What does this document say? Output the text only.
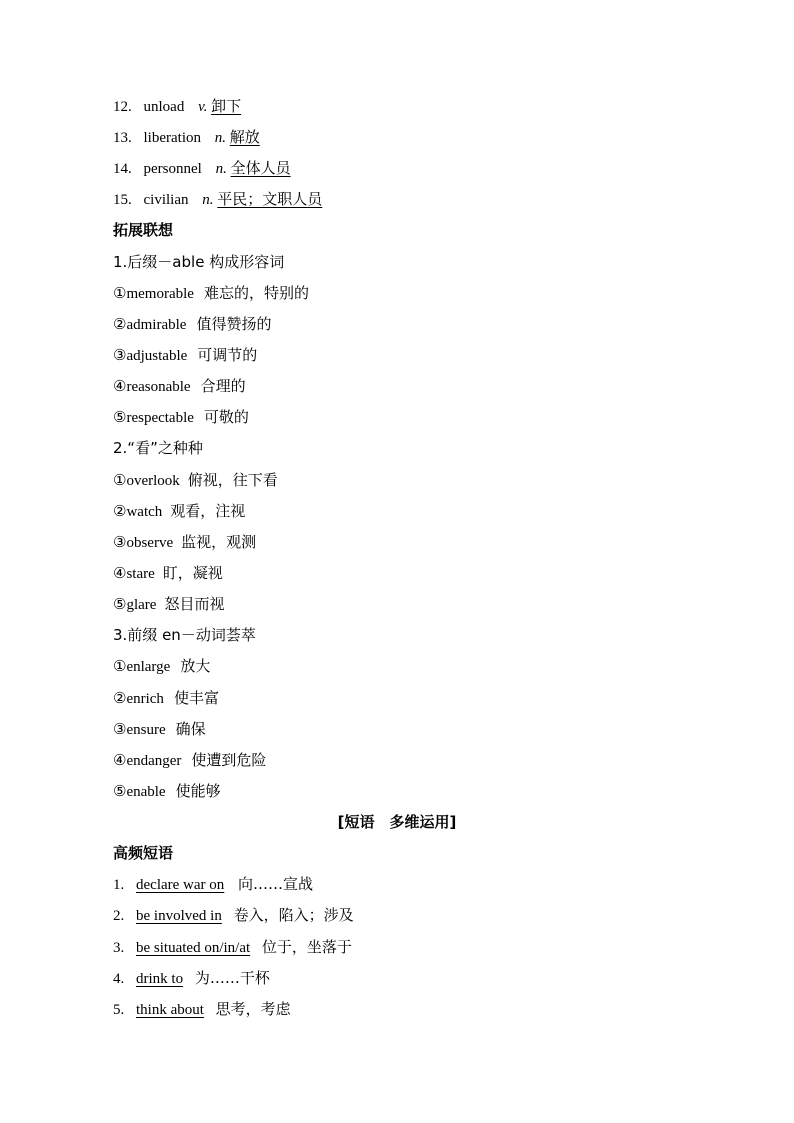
12. unload v. 卸下
13. liberation n. 解放
14. personnel n. 全体人员
15. civilian n. 平民；文职人员
拓展联想
1.后缀－able 构成形容词
①memorable 难忘的，特别的
②admirable 值得赞扬的
③adjustable 可调节的
④reasonable 合理的
⑤respectable 可敬的
2.“看”之种种
①overlook 俯视，往下看
②watch 观看，注视
③observe 监视，观测
④stare 盯，凝视
⑤glare 怒目而视
3.前缀 en－动词荟萃
①enlarge 放大
②enrich 使丰富
③ensure 确保
④endanger 使遭到危险
⑤enable 使能够
[短语　多维运用]
高频短语
1. declare war on 向……宣战
2. be involved in 卷入，陷入；涉及
3. be situated on/in/at 位于，坐落于
4. drink to 为……干杯
5. think about 思考，考虑
